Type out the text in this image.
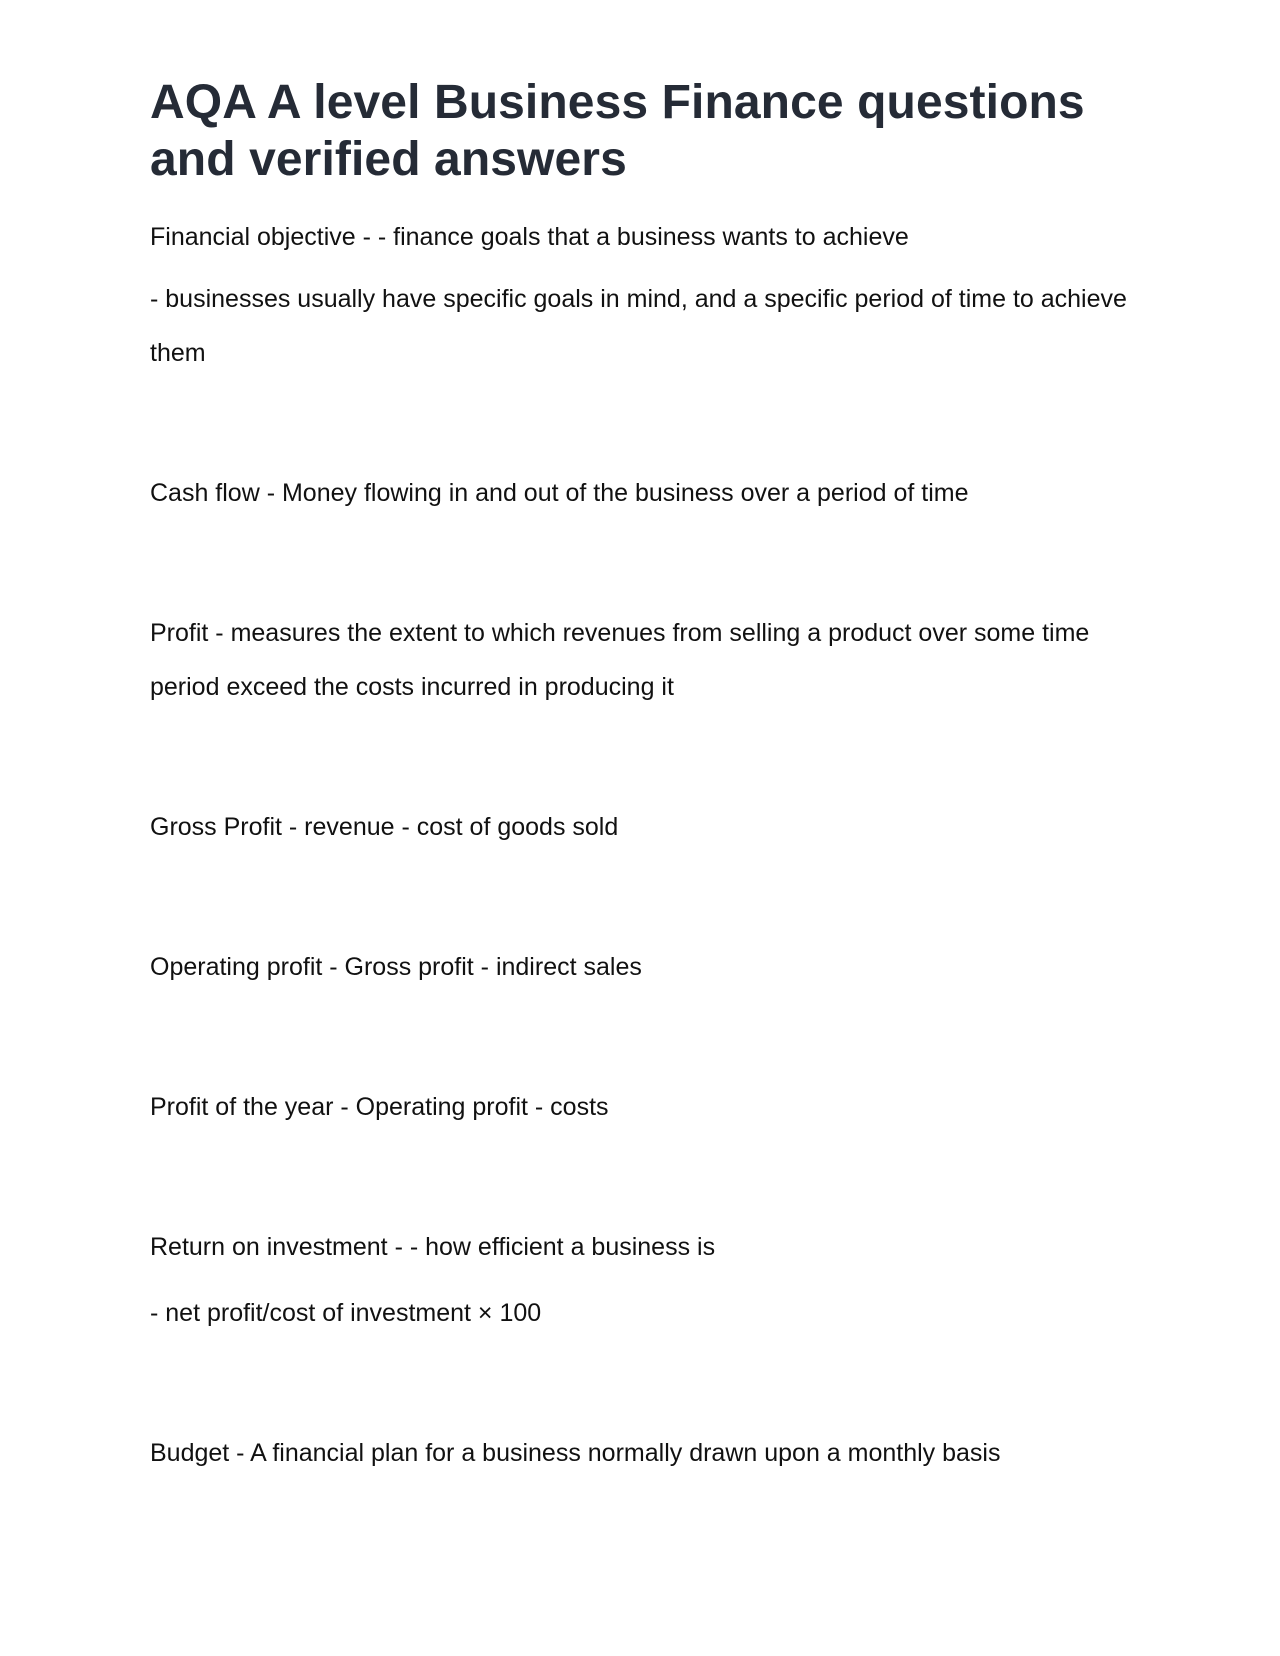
AQA A level Business Finance questions
and verified answers

Financial objective - - finance goals that a business wants to achieve

- businesses usually have specific goals in mind, and a specific period of time to achieve them

Cash flow - Money flowing in and out of the business over a period of time

Profit - measures the extent to which revenues from selling a product over some time period exceed the costs incurred in producing it

Gross Profit - revenue - cost of goods sold

Operating profit - Gross profit - indirect sales

Profit of the year - Operating profit - costs

Return on investment - - how efficient a business is

- net profit/cost of investment × 100

Budget - A financial plan for a business normally drawn upon a monthly basis
